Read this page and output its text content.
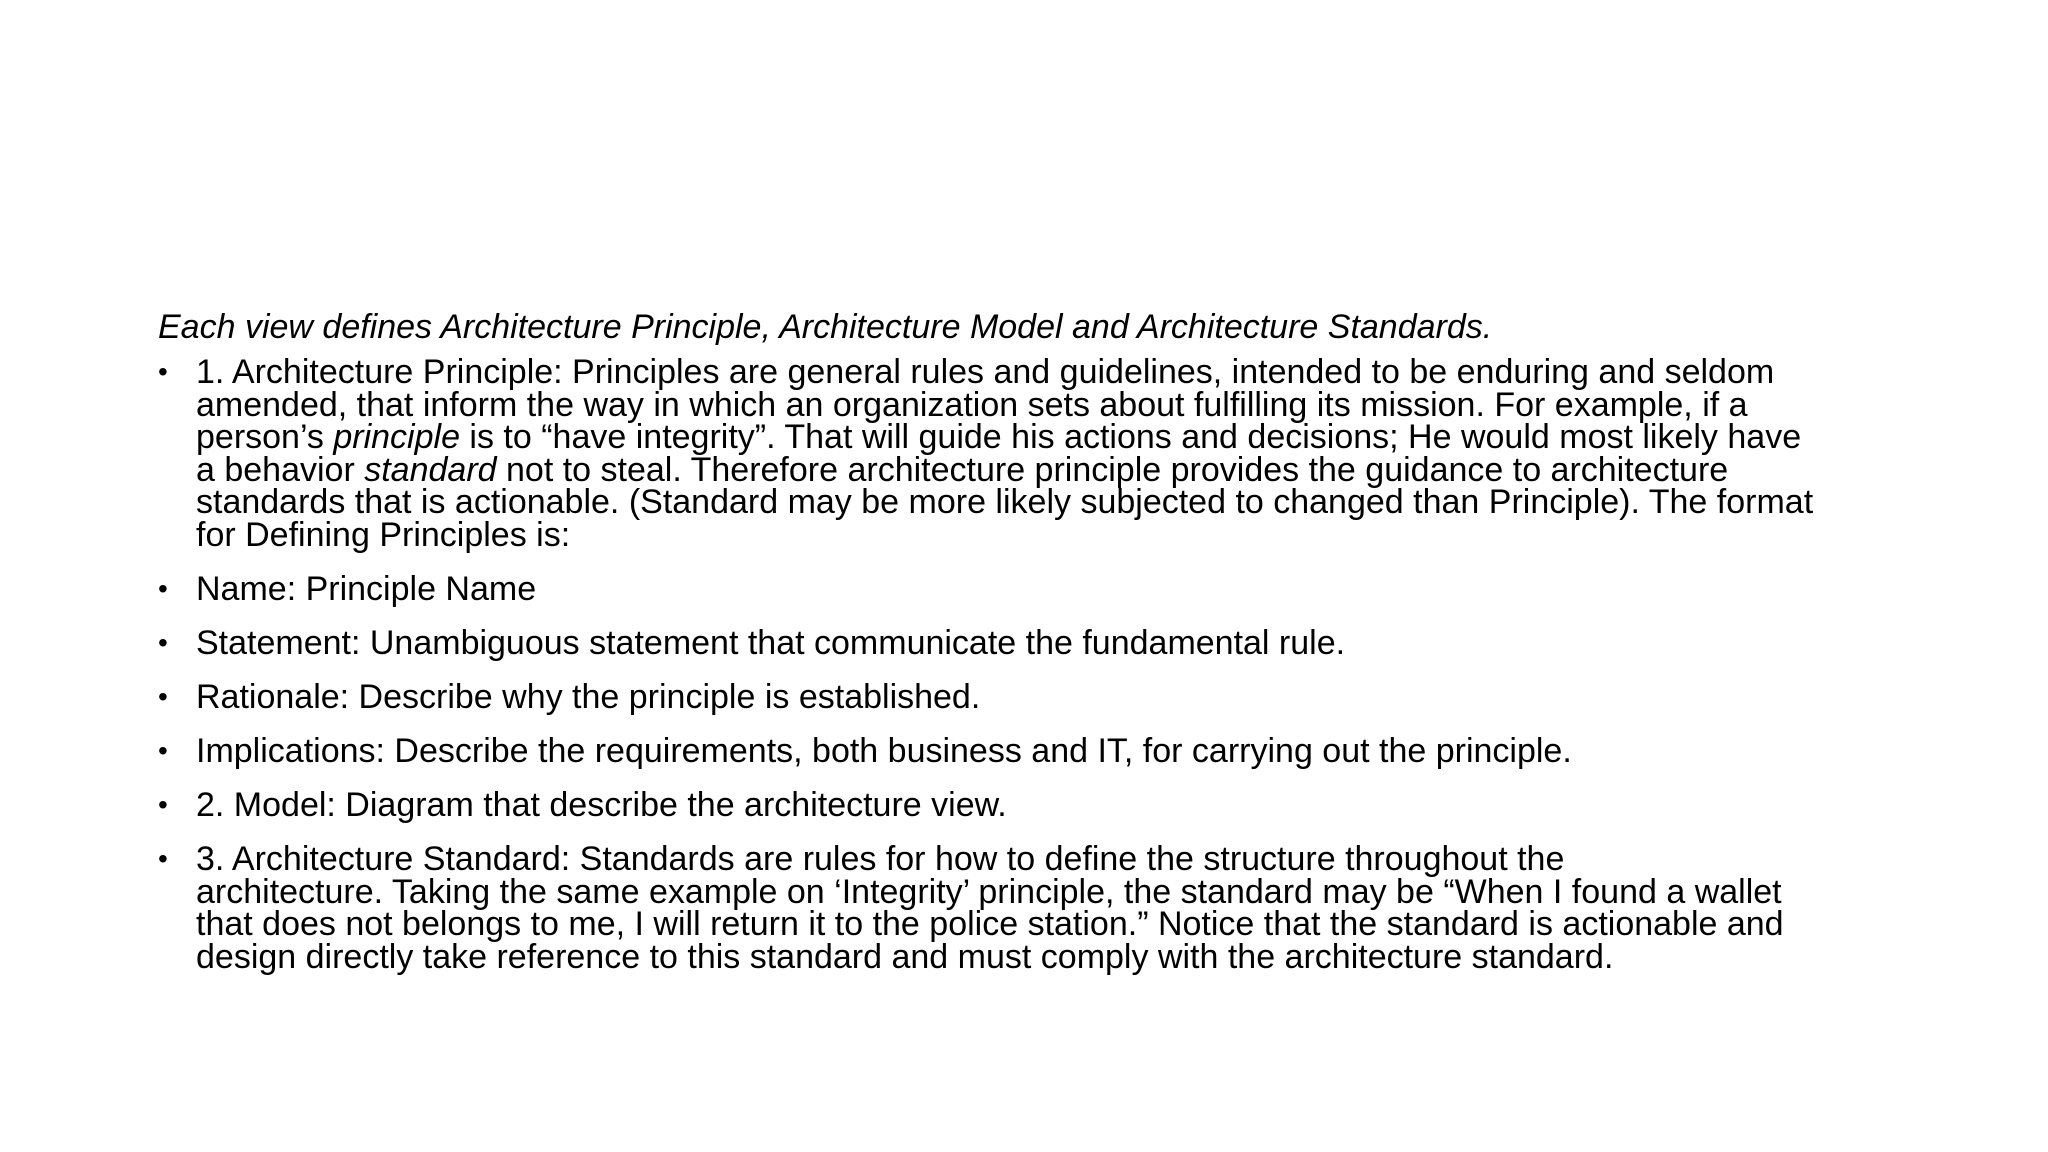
Each view defines Architecture Principle, Architecture Model and Architecture Standards.
• 1. Architecture Principle: Principles are general rules and guidelines, intended to be enduring and seldom
amended, that inform the way in which an organization sets about fulfilling its mission. For example, if a
person’s principle is to “have integrity”. That will guide his actions and decisions; He would most likely have
a behavior standard not to steal. Therefore architecture principle provides the guidance to architecture
standards that is actionable. (Standard may be more likely subjected to changed than Principle). The format
for Defining Principles is:
• Name: Principle Name
• Statement: Unambiguous statement that communicate the fundamental rule.
• Rationale: Describe why the principle is established.
• Implications: Describe the requirements, both business and IT, for carrying out the principle.
• 2. Model: Diagram that describe the architecture view.
• 3. Architecture Standard: Standards are rules for how to define the structure throughout the
architecture. Taking the same example on ‘Integrity’ principle, the standard may be “When I found a wallet
that does not belongs to me, I will return it to the police station.” Notice that the standard is actionable and
design directly take reference to this standard and must comply with the architecture standard.
